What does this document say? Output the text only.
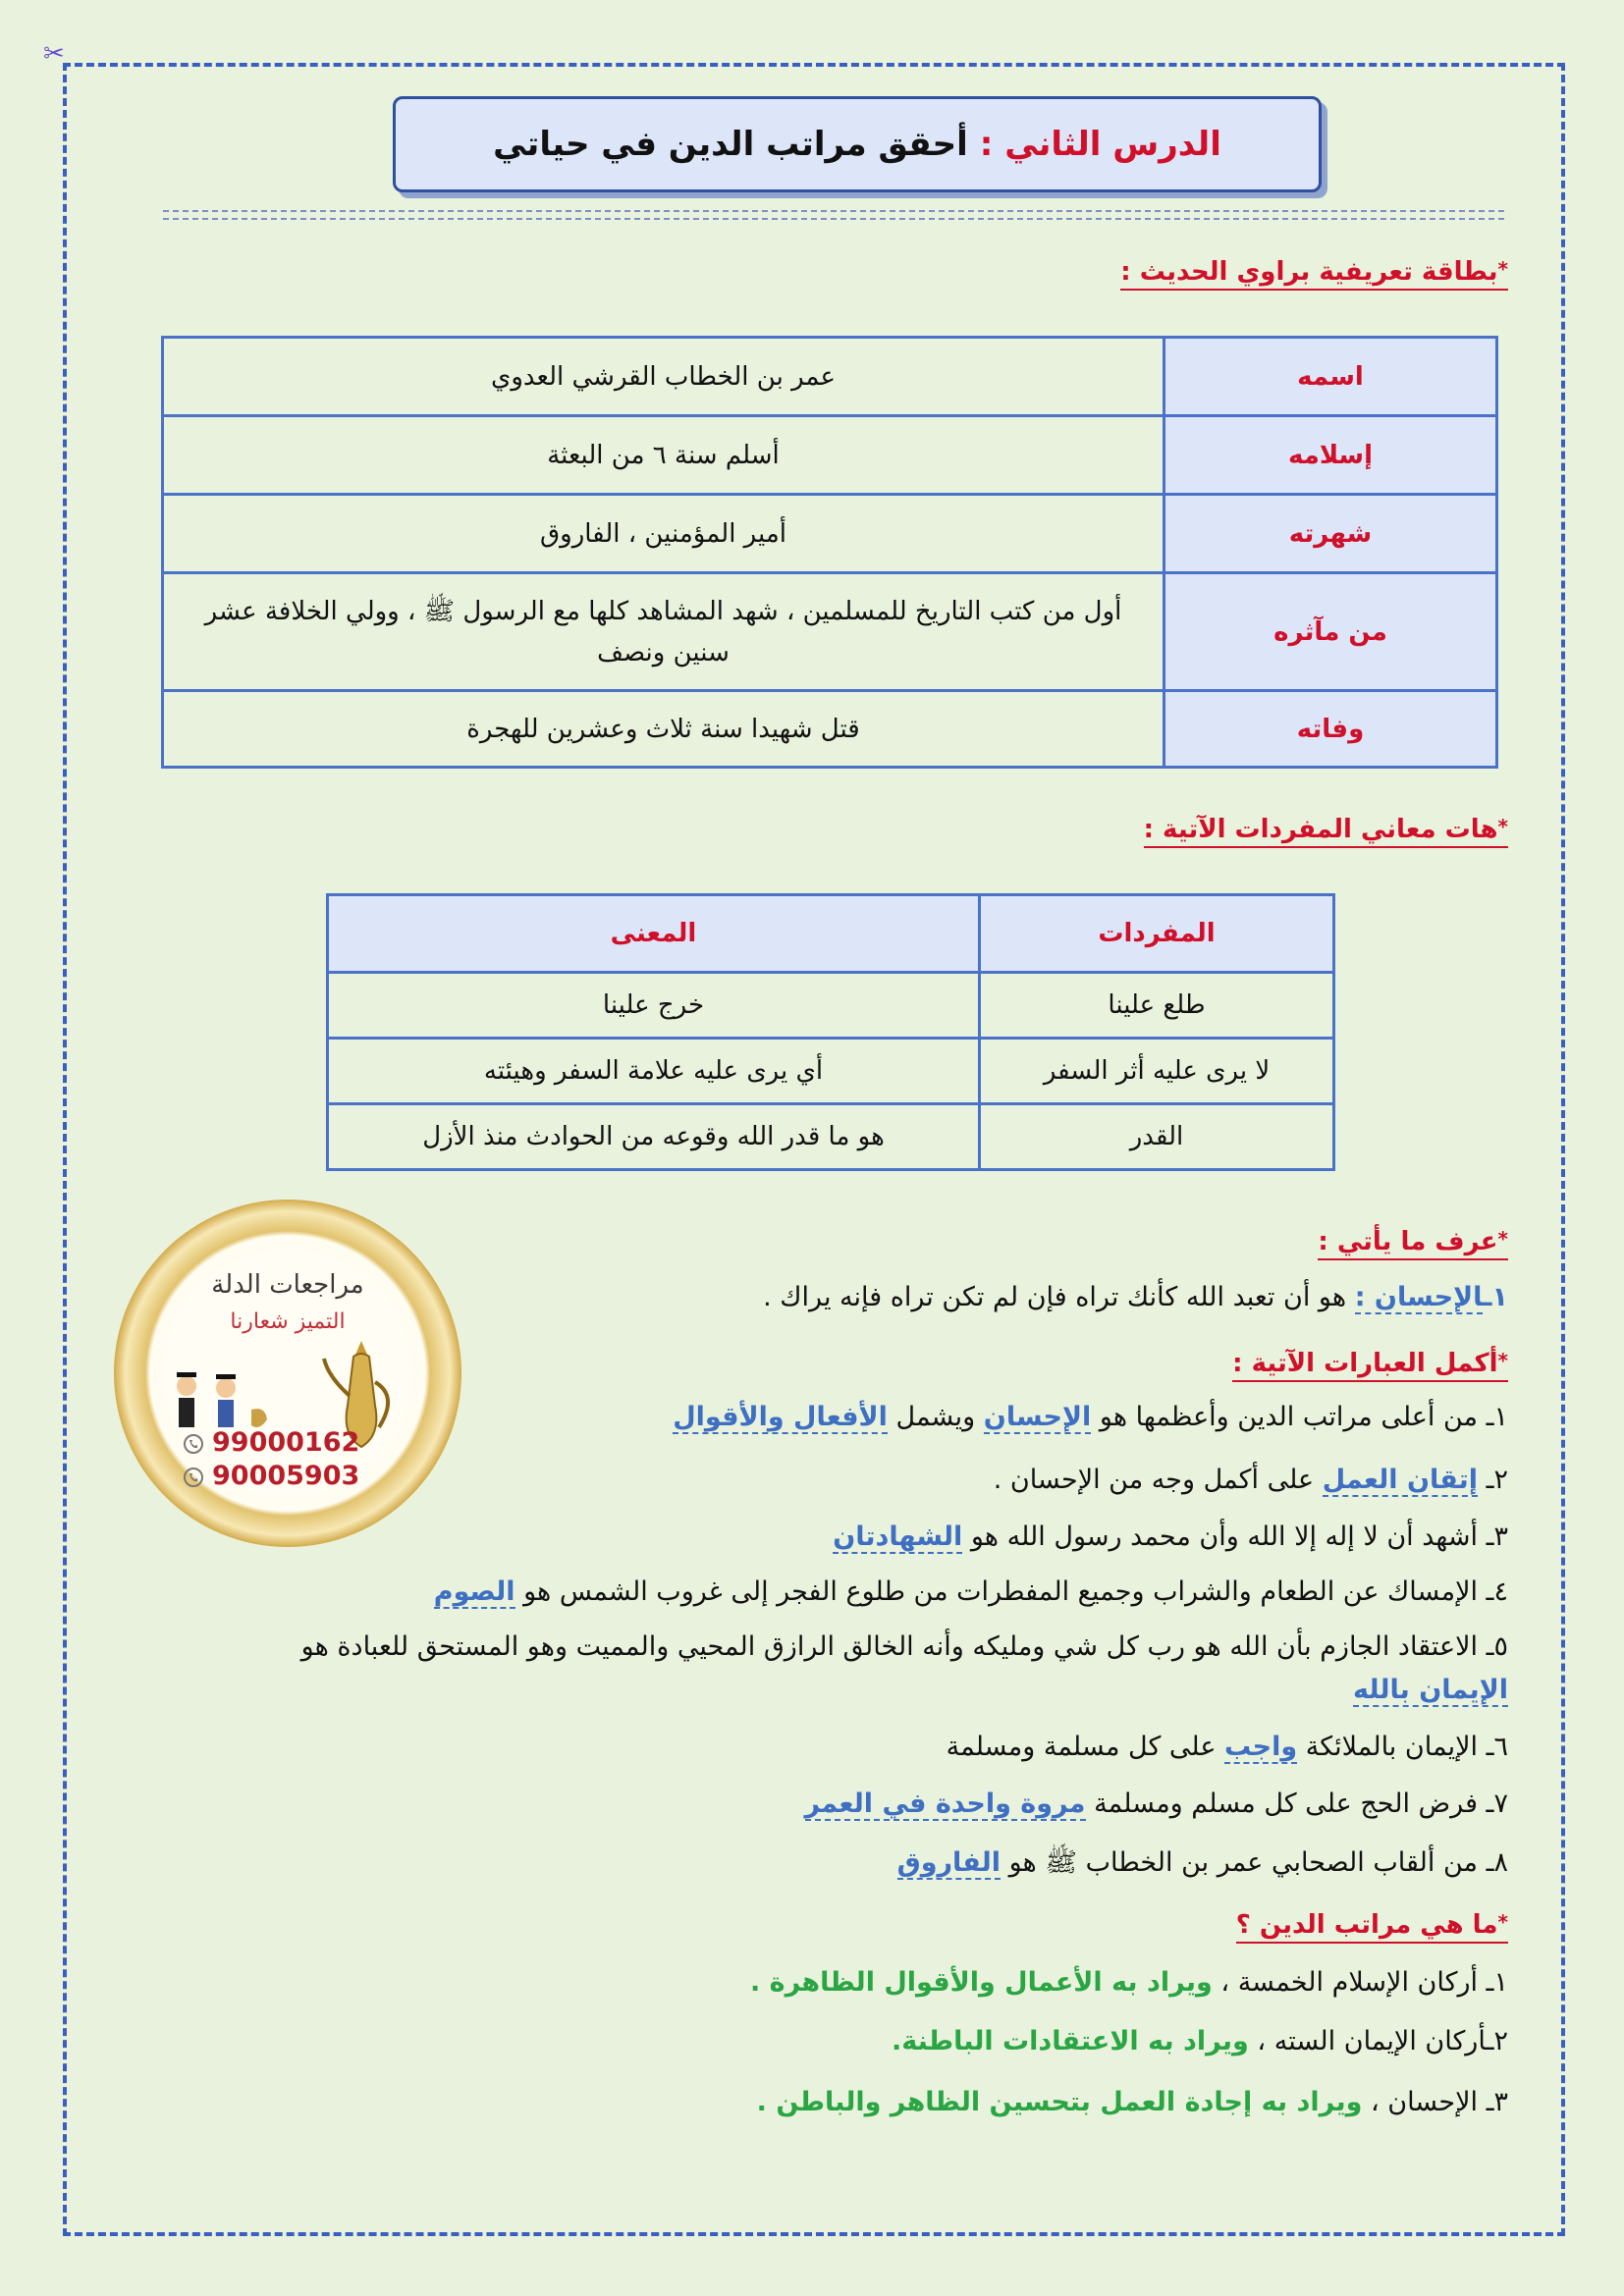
✂
الدرس الثاني :
أحقق مراتب الدين في حياتي
*بطاقة تعريفية براوي الحديث :
اسمه	عمر بن الخطاب القرشي العدوي
إسلامه	أسلم سنة ٦ من البعثة
شهرته	أمير المؤمنين ، الفاروق
من مآثره	أول من كتب التاريخ للمسلمين ، شهد المشاهد كلها مع الرسول ﷺ ، وولي الخلافة عشر سنين ونصف
وفاته	قتل شهيدا سنة ثلاث وعشرين للهجرة
*هات معاني المفردات الآتية :
المفردات	المعنى
طلع علينا	خرج علينا
لا يرى عليه أثر السفر	أي يرى عليه علامة السفر وهيئته
القدر	هو ما قدر الله وقوعه من الحوادث منذ الأزل
*عرف ما يأتي :
١ـالإحسان : هو أن تعبد الله كأنك تراه فإن لم تكن تراه فإنه يراك .
*أكمل العبارات الآتية :
١ـ من أعلى مراتب الدين وأعظمها هو الإحسان ويشمل الأفعال والأقوال
٢ـ إتقان العمل على أكمل وجه من الإحسان .
٣ـ أشهد أن لا إله إلا الله وأن محمد رسول الله هو الشهادتان
٤ـ الإمساك عن الطعام والشراب وجميع المفطرات من طلوع الفجر إلى غروب الشمس هو الصوم
٥ـ الاعتقاد الجازم بأن الله هو رب كل شي ومليكه وأنه الخالق الرازق المحيي والمميت وهو المستحق للعبادة هو
الإيمان بالله
٦ـ الإيمان بالملائكة واجب على كل مسلمة ومسلمة
٧ـ فرض الحج على كل مسلم ومسلمة مروة واحدة في العمر
٨ـ من ألقاب الصحابي عمر بن الخطاب ﷺ هو الفاروق
*ما هي مراتب الدين ؟
١ـ أركان الإسلام الخمسة ، ويراد به الأعمال والأقوال الظاهرة .
٢ـأركان الإيمان السته ، ويراد به الاعتقادات الباطنة.
٣ـ الإحسان ، ويراد به إجادة العمل بتحسين الظاهر والباطن .
مراجعات الدلة
التميز شعارنا
99000162
90005903
